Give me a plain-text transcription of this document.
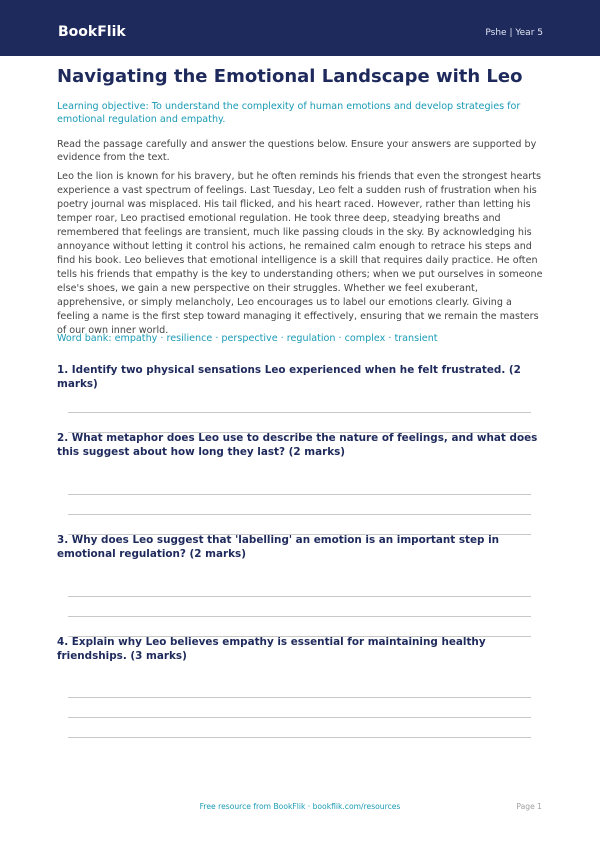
BookFlik	Pshe | Year 5
Navigating the Emotional Landscape with Leo
Learning objective: To understand the complexity of human emotions and develop strategies for emotional regulation and empathy.
Read the passage carefully and answer the questions below. Ensure your answers are supported by evidence from the text.
Leo the lion is known for his bravery, but he often reminds his friends that even the strongest hearts experience a vast spectrum of feelings. Last Tuesday, Leo felt a sudden rush of frustration when his poetry journal was misplaced. His tail flicked, and his heart raced. However, rather than letting his temper roar, Leo practised emotional regulation. He took three deep, steadying breaths and remembered that feelings are transient, much like passing clouds in the sky. By acknowledging his annoyance without letting it control his actions, he remained calm enough to retrace his steps and find his book. Leo believes that emotional intelligence is a skill that requires daily practice. He often tells his friends that empathy is the key to understanding others; when we put ourselves in someone else's shoes, we gain a new perspective on their struggles. Whether we feel exuberant, apprehensive, or simply melancholy, Leo encourages us to label our emotions clearly. Giving a feeling a name is the first step toward managing it effectively, ensuring that we remain the masters of our own inner world.
Word bank: empathy · resilience · perspective · regulation · complex · transient
1. Identify two physical sensations Leo experienced when he felt frustrated. (2 marks)
2. What metaphor does Leo use to describe the nature of feelings, and what does this suggest about how long they last? (2 marks)
3. Why does Leo suggest that 'labelling' an emotion is an important step in emotional regulation? (2 marks)
4. Explain why Leo believes empathy is essential for maintaining healthy friendships. (3 marks)
Free resource from BookFlik · bookflik.com/resources	Page 1
